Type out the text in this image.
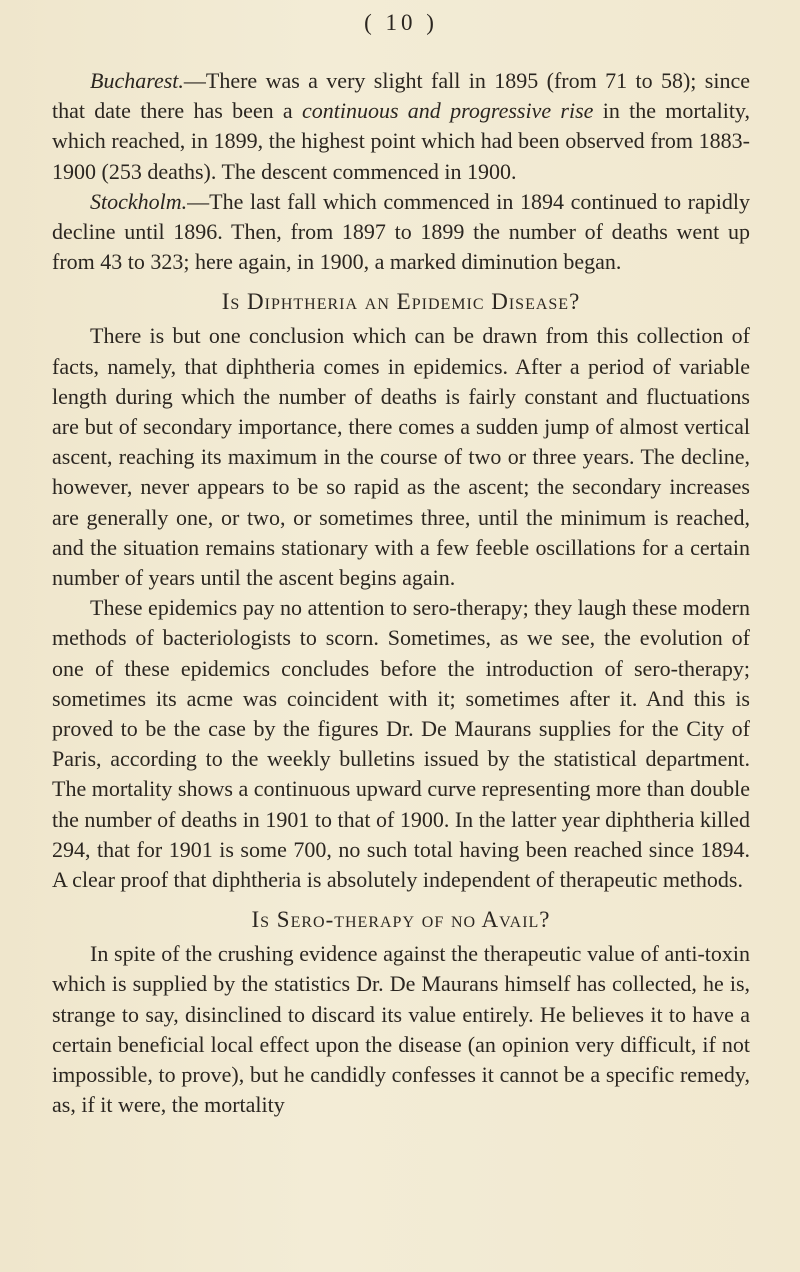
( 10 )

Bucharest.—There was a very slight fall in 1895 (from 71 to 58); since that date there has been a continuous and progressive rise in the mortality, which reached, in 1899, the highest point which had been observed from 1883-1900 (253 deaths). The descent commenced in 1900.

Stockholm.—The last fall which commenced in 1894 continued to rapidly decline until 1896. Then, from 1897 to 1899 the number of deaths went up from 43 to 323; here again, in 1900, a marked diminution began.

Is Diphtheria an Epidemic Disease?

There is but one conclusion which can be drawn from this collection of facts, namely, that diphtheria comes in epidemics. After a period of variable length during which the number of deaths is fairly constant and fluctuations are but of secondary importance, there comes a sudden jump of almost vertical ascent, reaching its maximum in the course of two or three years. The decline, however, never appears to be so rapid as the ascent; the secondary increases are generally one, or two, or sometimes three, until the minimum is reached, and the situation remains stationary with a few feeble oscillations for a certain number of years until the ascent begins again.

These epidemics pay no attention to sero-therapy; they laugh these modern methods of bacteriologists to scorn. Sometimes, as we see, the evolution of one of these epidemics concludes before the introduction of sero-therapy; sometimes its acme was coincident with it; sometimes after it. And this is proved to be the case by the figures Dr. De Maurans supplies for the City of Paris, according to the weekly bulletins issued by the statistical department. The mortality shows a continuous upward curve representing more than double the number of deaths in 1901 to that of 1900. In the latter year diphtheria killed 294, that for 1901 is some 700, no such total having been reached since 1894. A clear proof that diphtheria is absolutely independent of therapeutic methods.

Is Sero-therapy of no Avail?

In spite of the crushing evidence against the therapeutic value of anti-toxin which is supplied by the statistics Dr. De Maurans himself has collected, he is, strange to say, disinclined to discard its value entirely. He believes it to have a certain beneficial local effect upon the disease (an opinion very difficult, if not impossible, to prove), but he candidly confesses it cannot be a specific remedy, as, if it were, the mortality
